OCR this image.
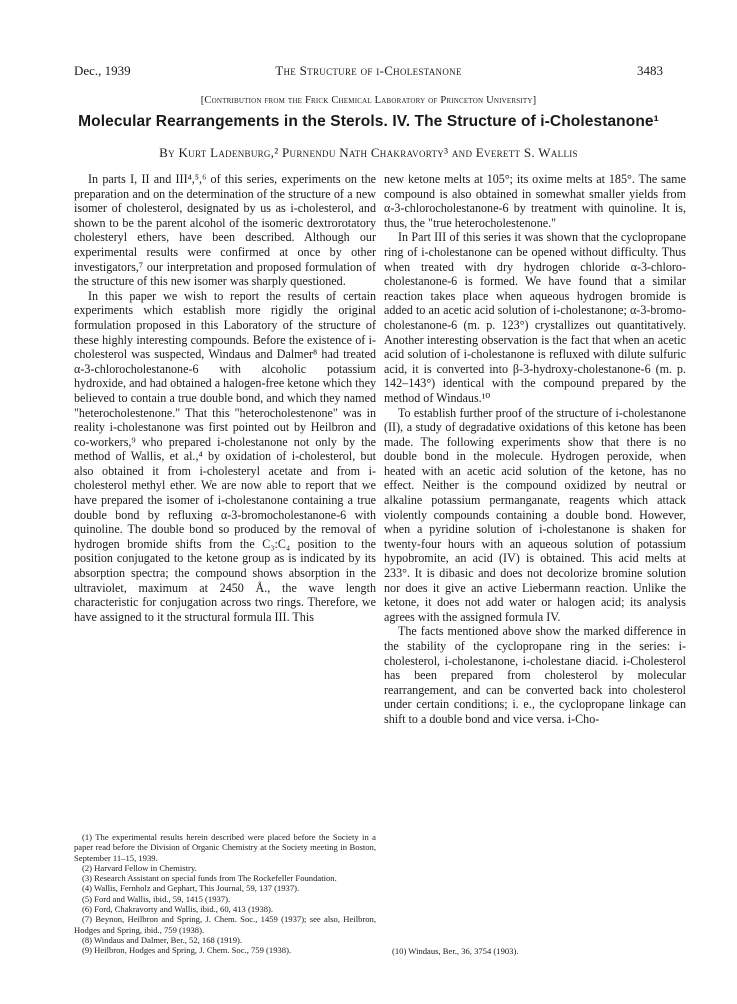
Dec., 1939	The Structure of i-Cholestanone	3483
[Contribution from the Frick Chemical Laboratory of Princeton University]
Molecular Rearrangements in the Sterols. IV. The Structure of i-Cholestanone¹
By Kurt Ladenburg,² Purnendu Nath Chakravorty³ and Everett S. Wallis

In parts I, II and III⁴,⁵,⁶ of this series, experiments on the preparation and on the determination of the structure of a new isomer of cholesterol, designated by us as i-cholesterol, and shown to be the parent alcohol of the isomeric dextrorotatory cholesteryl ethers, have been described. Although our experimental results were confirmed at once by other investigators,⁷ our interpretation and proposed formulation of the structure of this new isomer was sharply questioned.

In this paper we wish to report the results of certain experiments which establish more rigidly the original formulation proposed in this Laboratory of the structure of these highly interesting compounds. Before the existence of i-cholesterol was suspected, Windaus and Dalmer⁸ had treated α-3-chlorocholestanone-6 with alcoholic potassium hydroxide, and had obtained a halogen-free ketone which they believed to contain a true double bond, and which they named "heterocholestenone." That this "heterocholestenone" was in reality i-cholestanone was first pointed out by Heilbron and co-workers,⁹ who prepared i-cholestanone not only by the method of Wallis, et al.,⁴ by oxidation of i-cholesterol, but also obtained it from i-cholesteryl acetate and from i-cholesterol methyl ether. We are now able to report that we have prepared the isomer of i-cholestanone containing a true double bond by refluxing α-3-bromocholestanone-6 with quinoline. The double bond so produced by the removal of hydrogen bromide shifts from the C₃:C₄ position to the position conjugated to the ketone group as is indicated by its absorption spectra; the compound shows absorption in the ultraviolet, maximum at 2450 Å., the wave length characteristic for conjugation across two rings. Therefore, we have assigned to it the structural formula III. This

(1) The experimental results herein described were placed before the Society in a paper read before the Division of Organic Chemistry at the Society meeting in Boston, September 11–15, 1939.
(2) Harvard Fellow in Chemistry.
(3) Research Assistant on special funds from The Rockefeller Foundation.
(4) Wallis, Fernholz and Gephart, This Journal, 59, 137 (1937).
(5) Ford and Wallis, ibid., 59, 1415 (1937).
(6) Ford, Chakravorty and Wallis, ibid., 60, 413 (1938).
(7) Beynon, Heilbron and Spring, J. Chem. Soc., 1459 (1937); see also, Heilbron, Hodges and Spring, ibid., 759 (1938).
(8) Windaus and Dalmer, Ber., 52, 168 (1919).
(9) Heilbron, Hodges and Spring, J. Chem. Soc., 759 (1938).

new ketone melts at 105°; its oxime melts at 185°. The same compound is also obtained in somewhat smaller yields from α-3-chlorocholestanone-6 by treatment with quinoline. It is, thus, the "true heterocholestenone."

In Part III of this series it was shown that the cyclopropane ring of i-cholestanone can be opened without difficulty. Thus when treated with dry hydrogen chloride α-3-chloro-cholestanone-6 is formed. We have found that a similar reaction takes place when aqueous hydrogen bromide is added to an acetic acid solution of i-cholestanone; α-3-bromo-cholestanone-6 (m. p. 123°) crystallizes out quantitatively. Another interesting observation is the fact that when an acetic acid solution of i-cholestanone is refluxed with dilute sulfuric acid, it is converted into β-3-hydroxy-cholestanone-6 (m. p. 142–143°) identical with the compound prepared by the method of Windaus.¹⁰

To establish further proof of the structure of i-cholestanone (II), a study of degradative oxidations of this ketone has been made. The following experiments show that there is no double bond in the molecule. Hydrogen peroxide, when heated with an acetic acid solution of the ketone, has no effect. Neither is the compound oxidized by neutral or alkaline potassium permanganate, reagents which attack violently compounds containing a double bond. However, when a pyridine solution of i-cholestanone is shaken for twenty-four hours with an aqueous solution of potassium hypobromite, an acid (IV) is obtained. This acid melts at 233°. It is dibasic and does not decolorize bromine solution nor does it give an active Liebermann reaction. Unlike the ketone, it does not add water or halogen acid; its analysis agrees with the assigned formula IV.

The facts mentioned above show the marked difference in the stability of the cyclopropane ring in the series: i-cholesterol, i-cholestanone, i-cholestane diacid. i-Cholesterol has been prepared from cholesterol by molecular rearrangement, and can be converted back into cholesterol under certain conditions; i. e., the cyclopropane linkage can shift to a double bond and vice versa. i-Cho-

(10) Windaus, Ber., 36, 3754 (1903).
